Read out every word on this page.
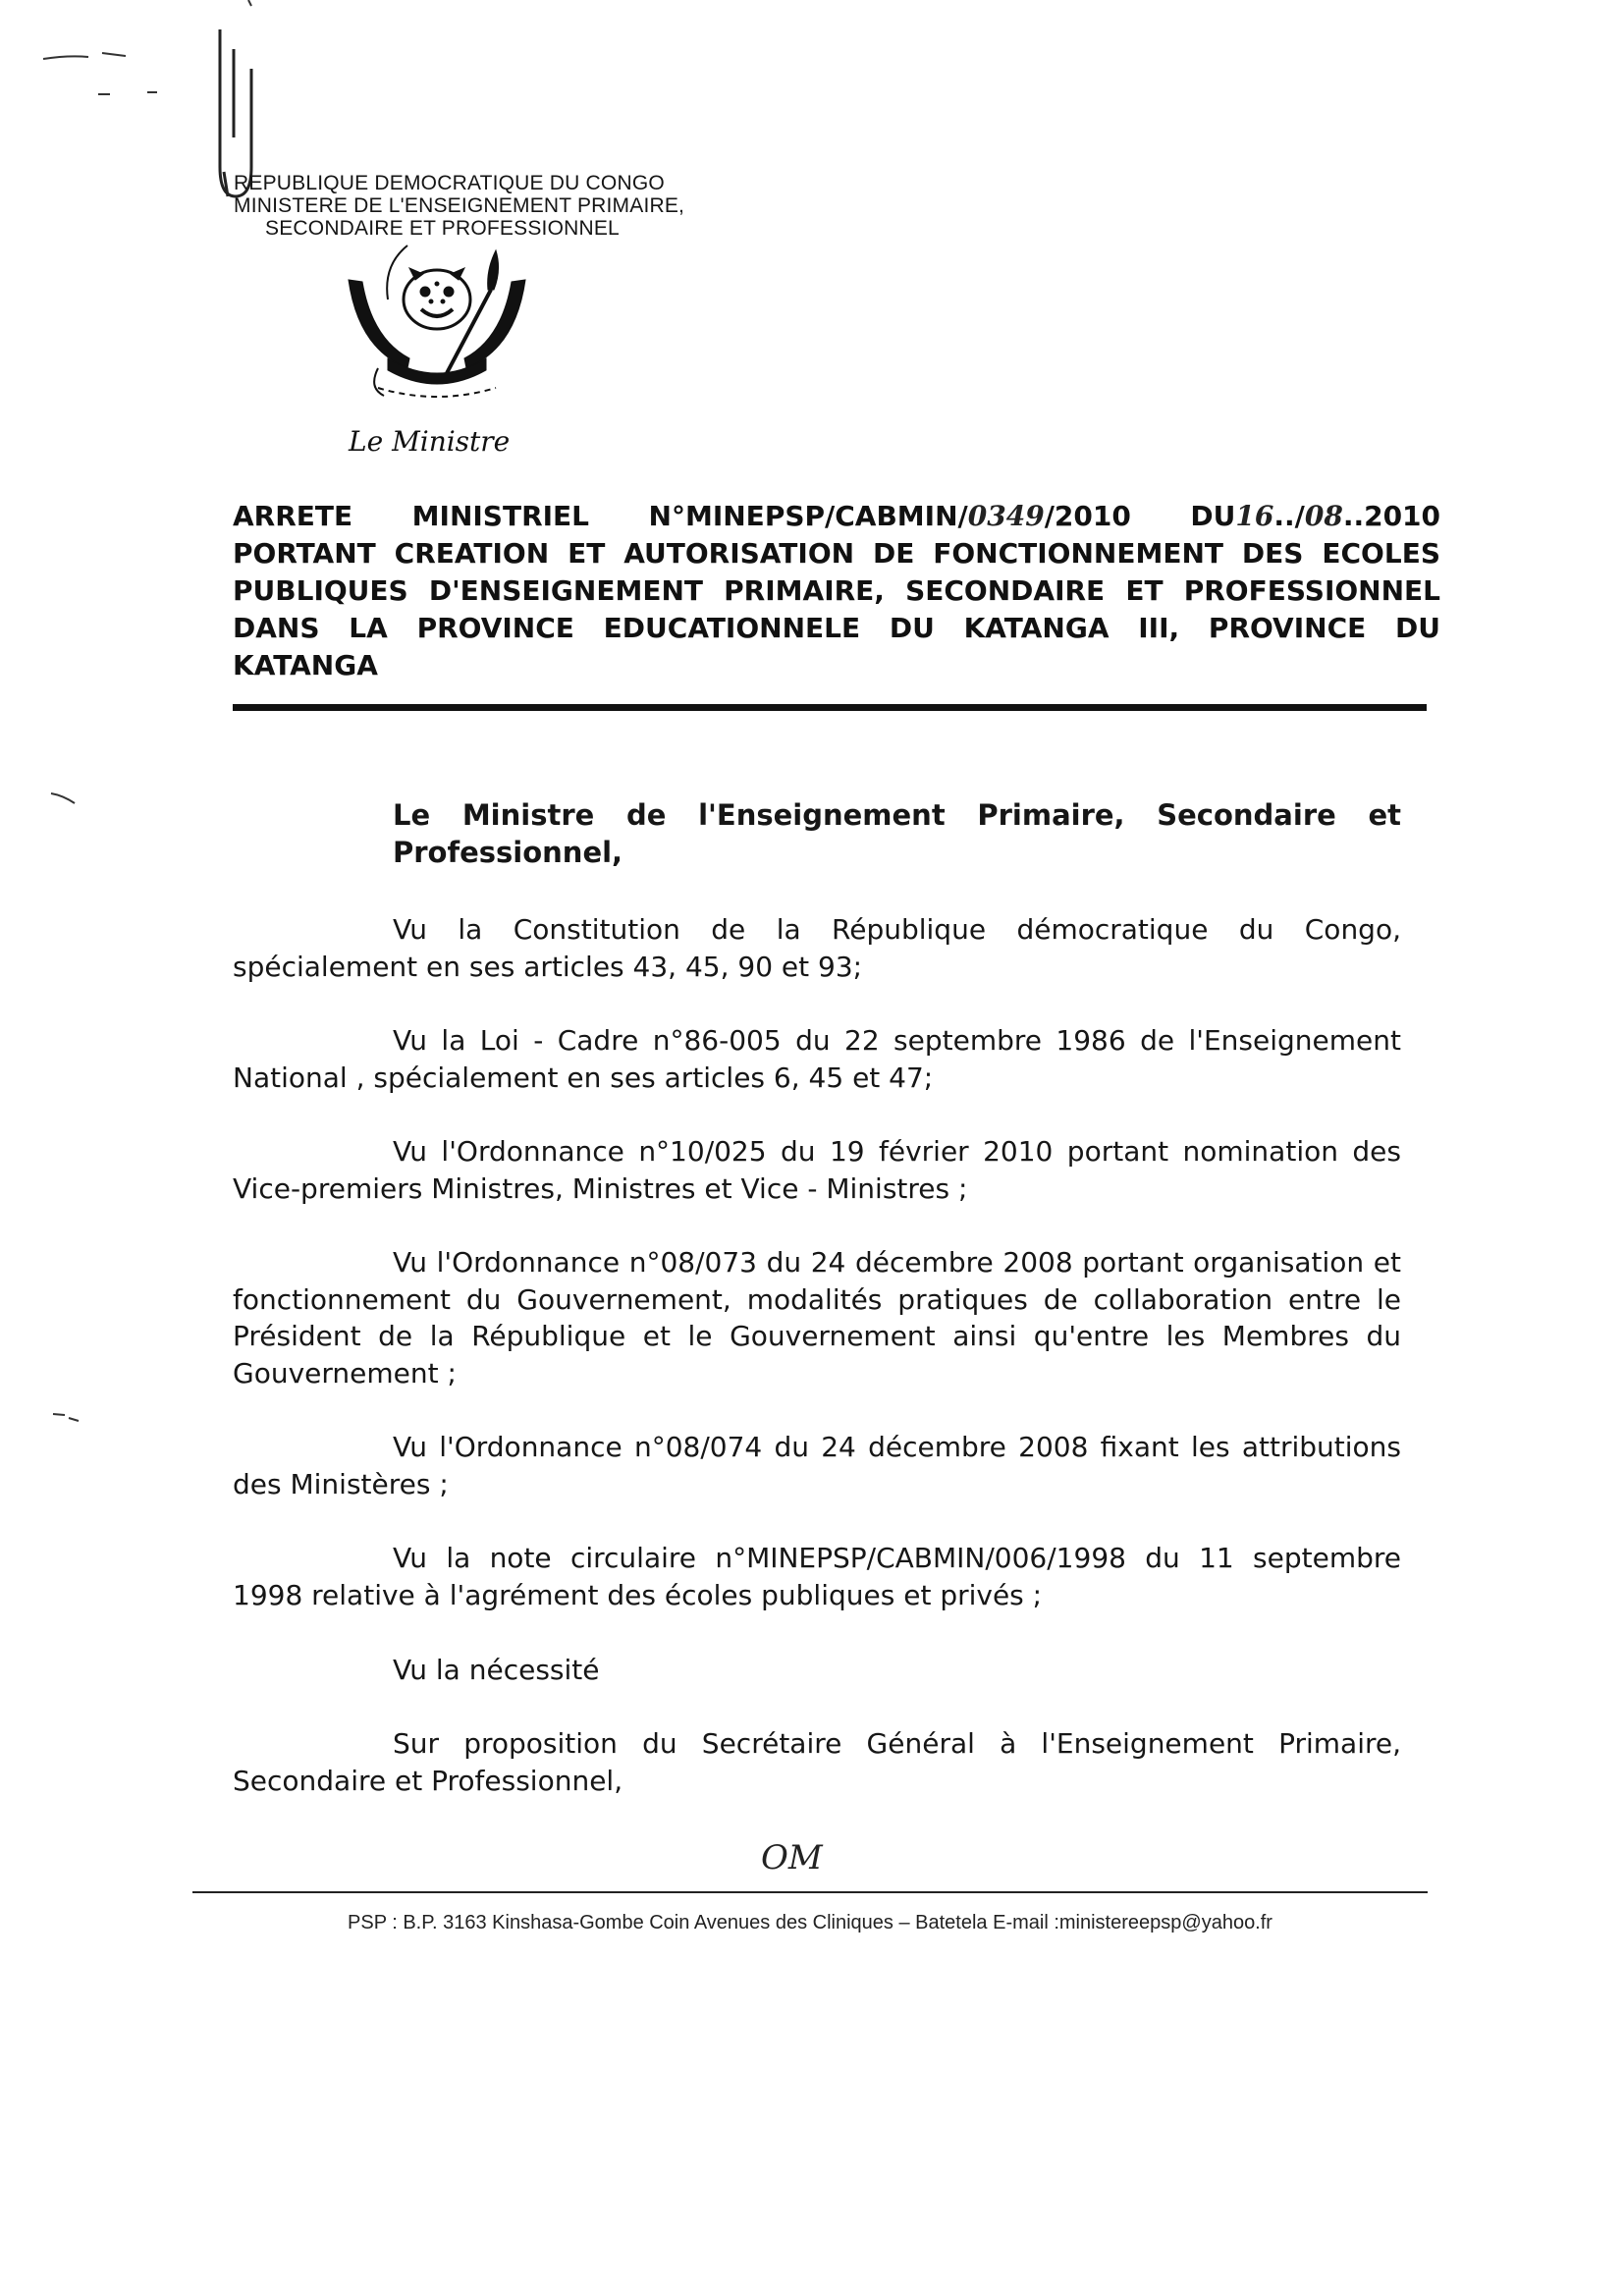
REPUBLIQUE DEMOCRATIQUE DU CONGO
MINISTERE DE L'ENSEIGNEMENT PRIMAIRE,
SECONDAIRE ET PROFESSIONNEL
Le Ministre
ARRETE MINISTRIEL N°MINEPSP/CABMIN/0349/2010 DU16../08..2010
PORTANT CREATION ET AUTORISATION DE FONCTIONNEMENT DES ECOLES
PUBLIQUES D'ENSEIGNEMENT PRIMAIRE, SECONDAIRE ET PROFESSIONNEL
DANS LA PROVINCE EDUCATIONNELE DU KATANGA III, PROVINCE DU
KATANGA
Le Ministre de l'Enseignement Primaire, Secondaire et Professionnel,
Vu la Constitution de la République démocratique du Congo, spécialement en ses articles 43, 45, 90 et 93;
Vu la Loi - Cadre n°86-005 du 22 septembre 1986 de l'Enseignement National , spécialement en ses articles 6, 45 et 47;
Vu l'Ordonnance n°10/025 du 19 février 2010 portant nomination des Vice-premiers Ministres, Ministres et Vice - Ministres ;
Vu l'Ordonnance n°08/073 du 24 décembre 2008 portant organisation et fonctionnement du Gouvernement, modalités pratiques de collaboration entre le Président de la République et le Gouvernement ainsi qu'entre les Membres du Gouvernement ;
Vu l'Ordonnance n°08/074 du 24 décembre 2008 fixant les attributions des Ministères ;
Vu la note circulaire n°MINEPSP/CABMIN/006/1998 du 11 septembre 1998 relative à l'agrément des écoles publiques et privés ;
Vu la nécessité
Sur proposition du Secrétaire Général à l'Enseignement Primaire, Secondaire et Professionnel,
OM
PSP : B.P. 3163 Kinshasa-Gombe Coin Avenues des Cliniques – Batetela E-mail :ministereepsp@yahoo.fr
